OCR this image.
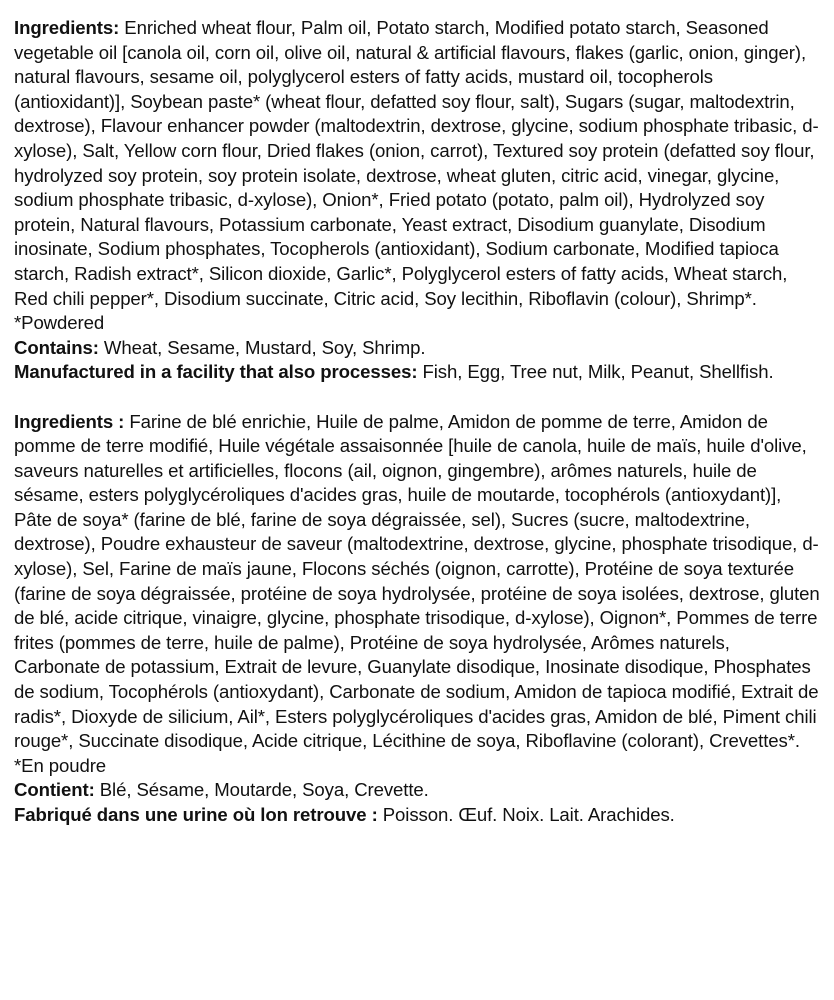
Ingredients: Enriched wheat flour, Palm oil, Potato starch, Modified potato starch, Seasoned vegetable oil [canola oil, corn oil, olive oil, natural & artificial flavours, flakes (garlic, onion, ginger), natural flavours, sesame oil, polyglycerol esters of fatty acids, mustard oil, tocopherols (antioxidant)], Soybean paste* (wheat flour, defatted soy flour, salt), Sugars (sugar, maltodextrin, dextrose), Flavour enhancer powder (maltodextrin, dextrose, glycine, sodium phosphate tribasic, d-xylose), Salt, Yellow corn flour, Dried flakes (onion, carrot), Textured soy protein (defatted soy flour, hydrolyzed soy protein, soy protein isolate, dextrose, wheat gluten, citric acid, vinegar, glycine, sodium phosphate tribasic, d-xylose), Onion*, Fried potato (potato, palm oil), Hydrolyzed soy protein, Natural flavours, Potassium carbonate, Yeast extract, Disodium guanylate, Disodium inosinate, Sodium phosphates, Tocopherols (antioxidant), Sodium carbonate, Modified tapioca starch, Radish extract*, Silicon dioxide, Garlic*, Polyglycerol esters of fatty acids, Wheat starch, Red chili pepper*, Disodium succinate, Citric acid, Soy lecithin, Riboflavin (colour), Shrimp*.

*Powdered

Contains: Wheat, Sesame, Mustard, Soy, Shrimp.

Manufactured in a facility that also processes: Fish, Egg, Tree nut, Milk, Peanut, Shellfish.

Ingredients : Farine de blé enrichie, Huile de palme, Amidon de pomme de terre, Amidon de pomme de terre modifié, Huile végétale assaisonnée [huile de canola, huile de maïs, huile d'olive, saveurs naturelles et artificielles, flocons (ail, oignon, gingembre), arômes naturels, huile de sésame, esters polyglycéroliques d'acides gras, huile de moutarde, tocophérols (antioxydant)], Pâte de soya* (farine de blé, farine de soya dégraissée, sel), Sucres (sucre, maltodextrine, dextrose), Poudre exhausteur de saveur (maltodextrine, dextrose, glycine, phosphate trisodique, d-xylose), Sel, Farine de maïs jaune, Flocons séchés (oignon, carrotte), Protéine de soya texturée (farine de soya dégraissée, protéine de soya hydrolysée, protéine de soya isolées, dextrose, gluten de blé, acide citrique, vinaigre, glycine, phosphate trisodique, d-xylose), Oignon*, Pommes de terre frites (pommes de terre, huile de palme), Protéine de soya hydrolysée, Arômes naturels, Carbonate de potassium, Extrait de levure, Guanylate disodique, Inosinate disodique, Phosphates de sodium, Tocophérols (antioxydant), Carbonate de sodium, Amidon de tapioca modifié, Extrait de radis*, Dioxyde de silicium, Ail*, Esters polyglycéroliques d'acides gras, Amidon de blé, Piment chili rouge*, Succinate disodique, Acide citrique, Lécithine de soya, Riboflavine (colorant), Crevettes*.

*En poudre

Contient: Blé, Sésame, Moutarde, Soya, Crevette.

Fabriqué dans une urine où lon retrouve : Poisson. Œuf. Noix. Lait. Arachides.
